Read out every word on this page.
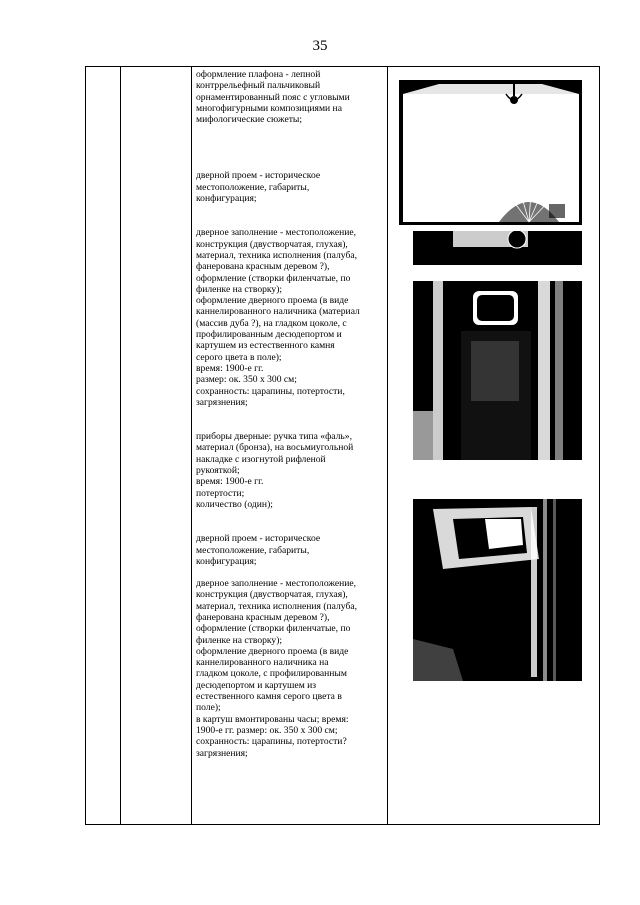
35

оформление плафона - лепной
контррельефный пальчиковый
орнаментированный пояс с угловыми
многофигурными композициями на
мифологические сюжеты;

дверной проем - историческое
местоположение, габариты,
конфигурация;

дверное заполнение - местоположение,
конструкция (двустворчатая, глухая),
материал, техника исполнения (палуба,
фанерована красным деревом ?),
оформление (створки филенчатые, по
филенке на створку);
оформление дверного проема (в виде
каннелированного наличника (материал
(массив дуба ?), на гладком цоколе, с
профилированным десюдепортом и
картушем из естественного камня
серого цвета в поле);
время: 1900-е гг.
размер: ок. 350 х 300 см;
сохранность: царапины, потертости,
загрязнения;

приборы дверные: ручка типа «фаль»,
материал (бронза), на восьмиугольной
накладке с изогнутой рифленой
рукояткой;
время: 1900-е гг.
потертости;
количество (один);

дверной проем - историческое
местоположение, габариты,
конфигурация;

дверное заполнение - местоположение,
конструкция (двустворчатая, глухая),
материал, техника исполнения (палуба,
фанерована красным деревом ?),
оформление (створки филенчатые, по
филенке на створку);
оформление дверного проема (в виде
каннелированного наличника на
гладком цоколе, с профилированным
десюдепортом и картушем из
естественного камня серого цвета в
поле);
в картуш вмонтированы часы; время:
1900-е гг. размер: ок. 350 х 300 см;
сохранность: царапины, потертости?
загрязнения;
